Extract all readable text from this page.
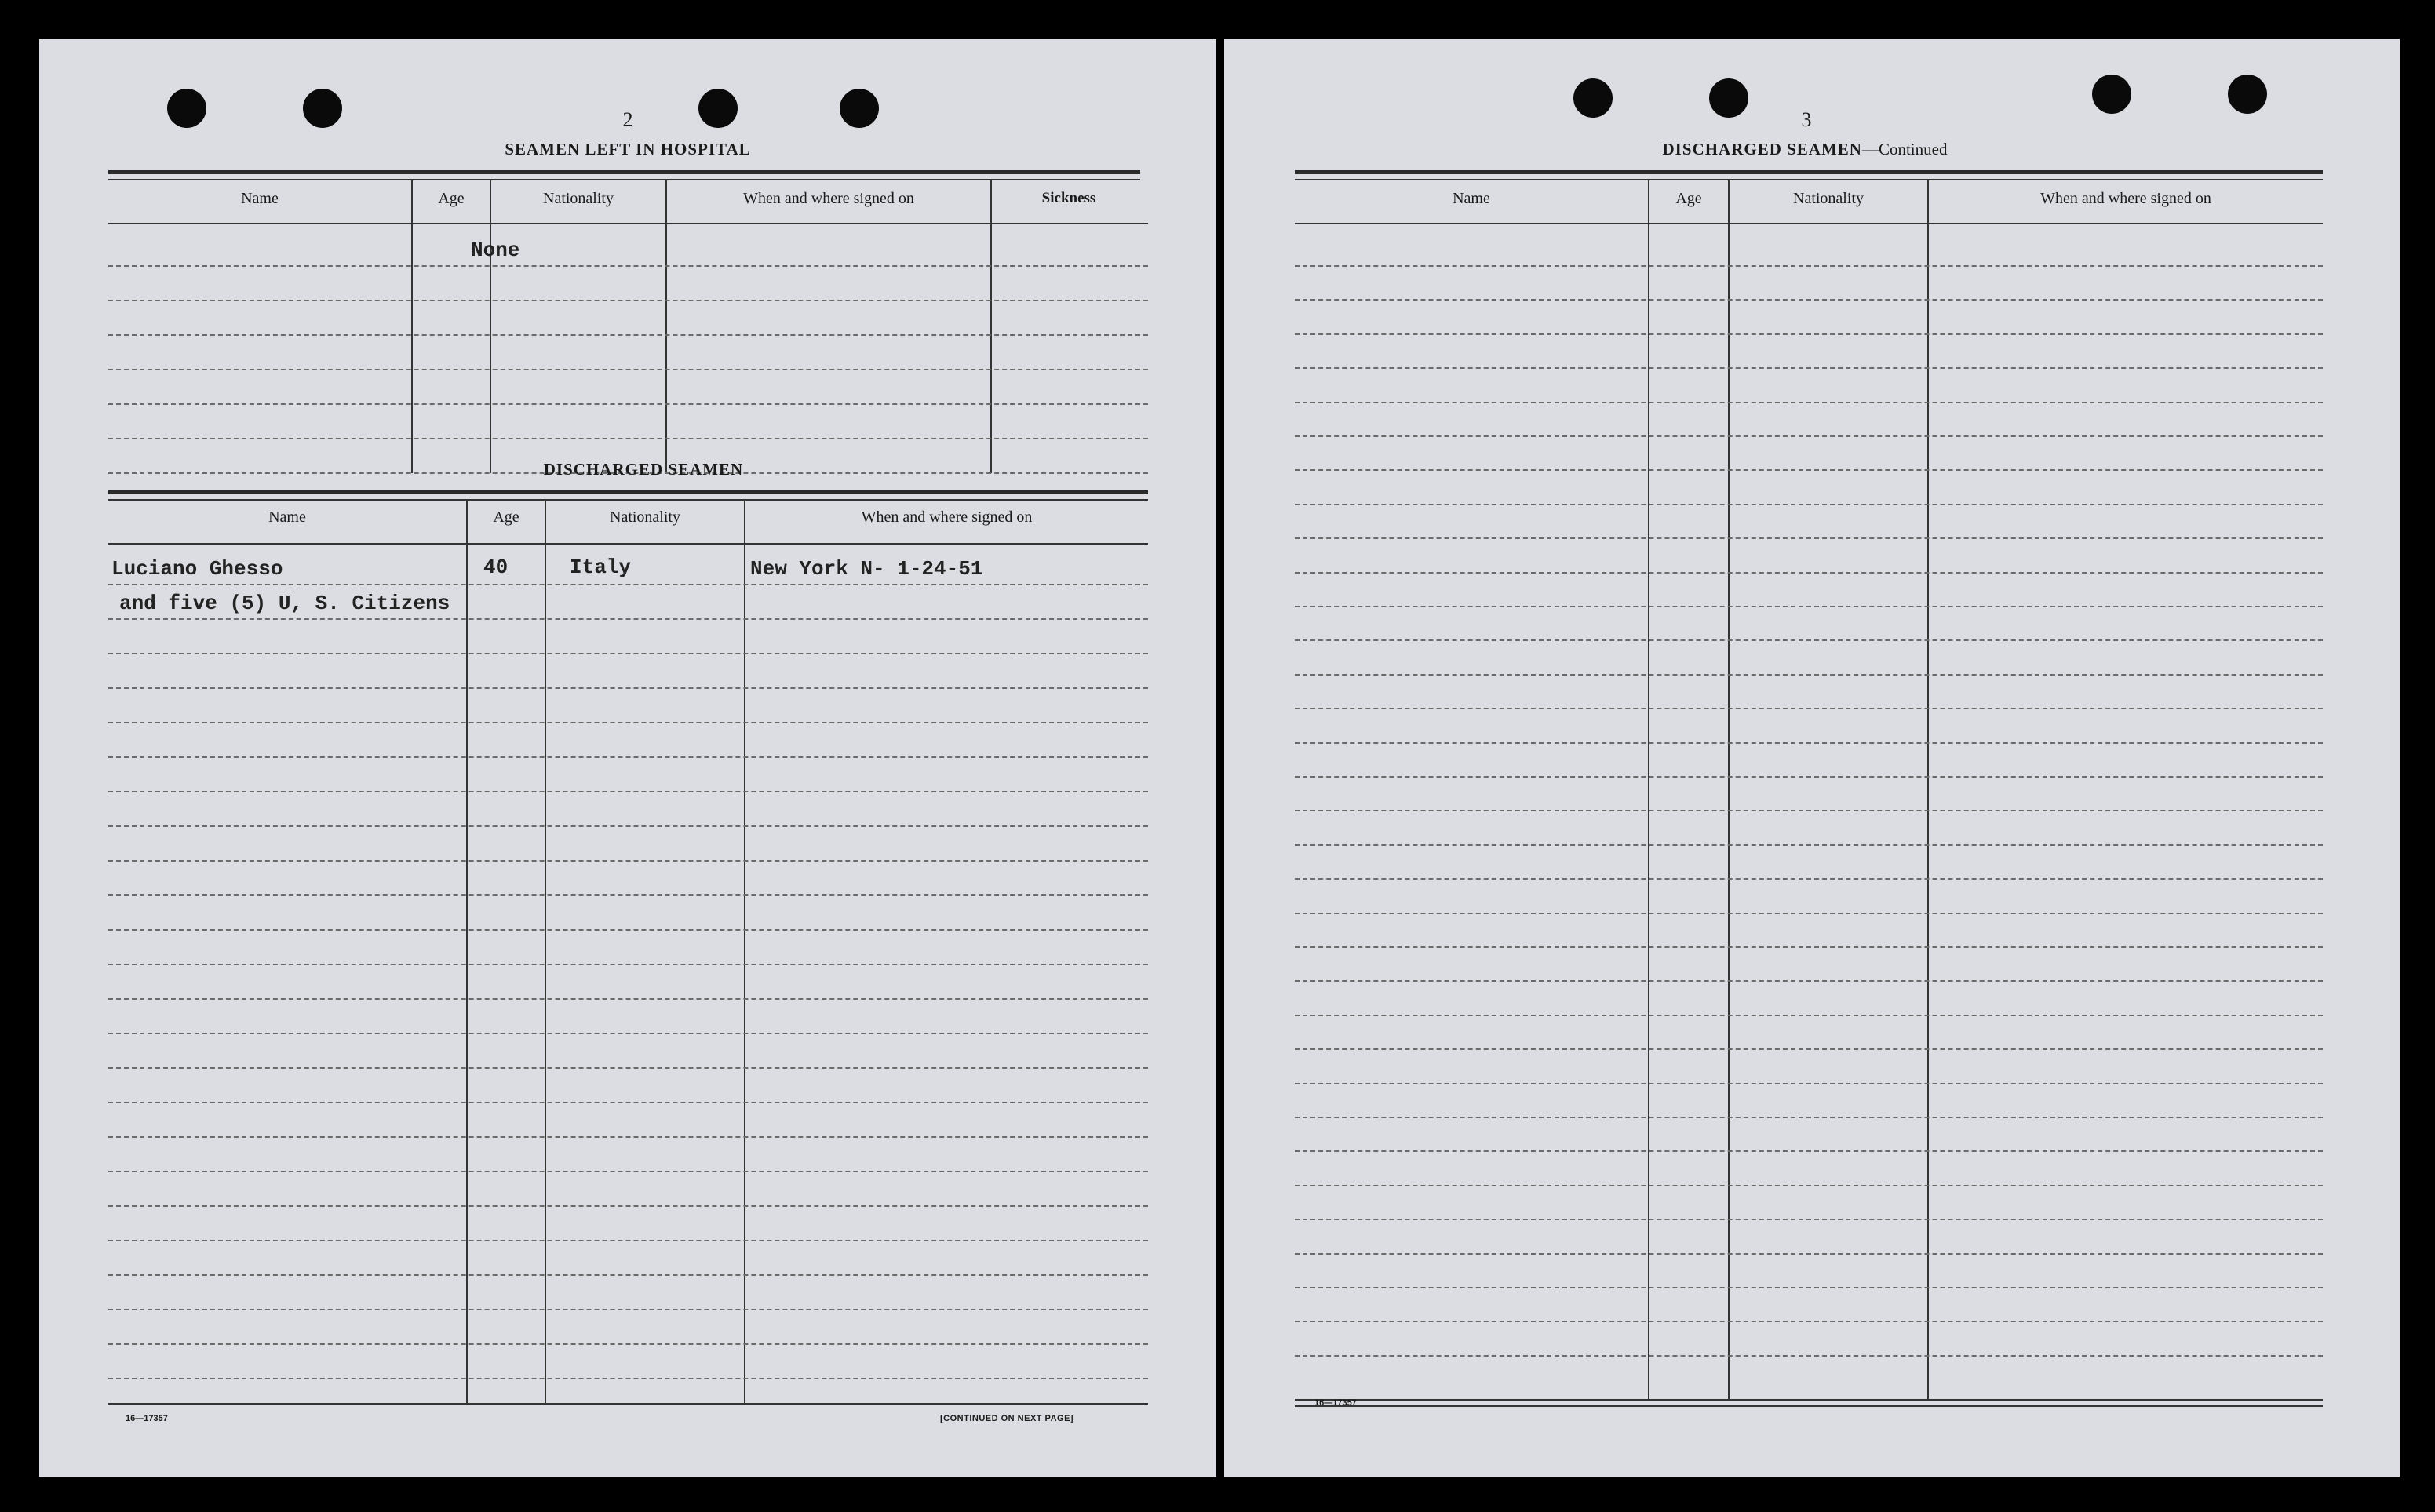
2
SEAMEN LEFT IN HOSPITAL
Name	Age	Nationality	When and where signed on	Sickness
None
DISCHARGED SEAMEN
Name	Age	Nationality	When and where signed on
Luciano Ghesso	40	Italy	New York N- 1-24-51
and five (5) U, S. Citizens
16—17357	[CONTINUED ON NEXT PAGE]
3
DISCHARGED SEAMEN—Continued
Name	Age	Nationality	When and where signed on
16—17357
